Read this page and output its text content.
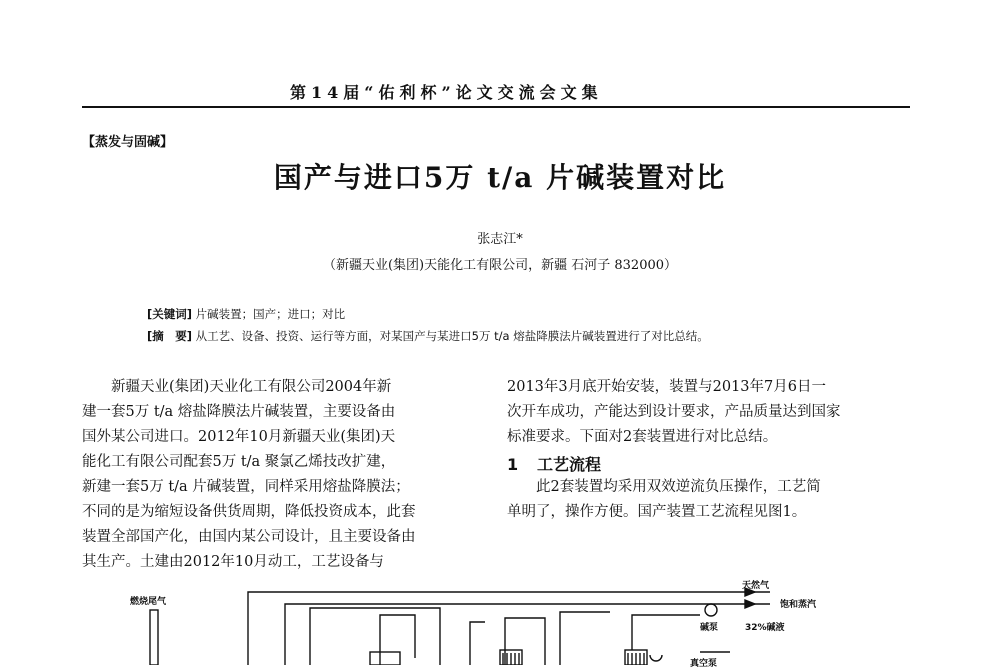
第14届“佑利杯”论文交流会文集
【蒸发与固碱】
国产与进口5万 t/a 片碱装置对比
张志江*
（新疆天业(集团)天能化工有限公司，新疆 石河子 832000）
[关键词] 片碱装置；国产；进口；对比
[摘　要] 从工艺、设备、投资、运行等方面，对某国产与某进口5万 t/a 熔盐降膜法片碱装置进行了对比总结。
　　新疆天业(集团)天业化工有限公司2004年新
建一套5万 t/a 熔盐降膜法片碱装置，主要设备由
国外某公司进口。2012年10月新疆天业(集团)天
能化工有限公司配套5万 t/a 聚氯乙烯技改扩建，
新建一套5万 t/a 片碱装置，同样采用熔盐降膜法；
不同的是为缩短设备供货周期，降低投资成本，此套
装置全部国产化，由国内某公司设计，且主要设备由
其生产。土建由2012年10月动工，工艺设备与
2013年3月底开始安装，装置与2013年7月6日一
次开车成功，产能达到设计要求，产品质量达到国家
标准要求。下面对2套装置进行对比总结。
1 工艺流程
　　此2套装置均采用双效逆流负压操作，工艺简
单明了，操作方便。国产装置工艺流程见图1。
燃烧尾气
天然气
饱和蒸汽
碱泵	32%碱液
真空泵
